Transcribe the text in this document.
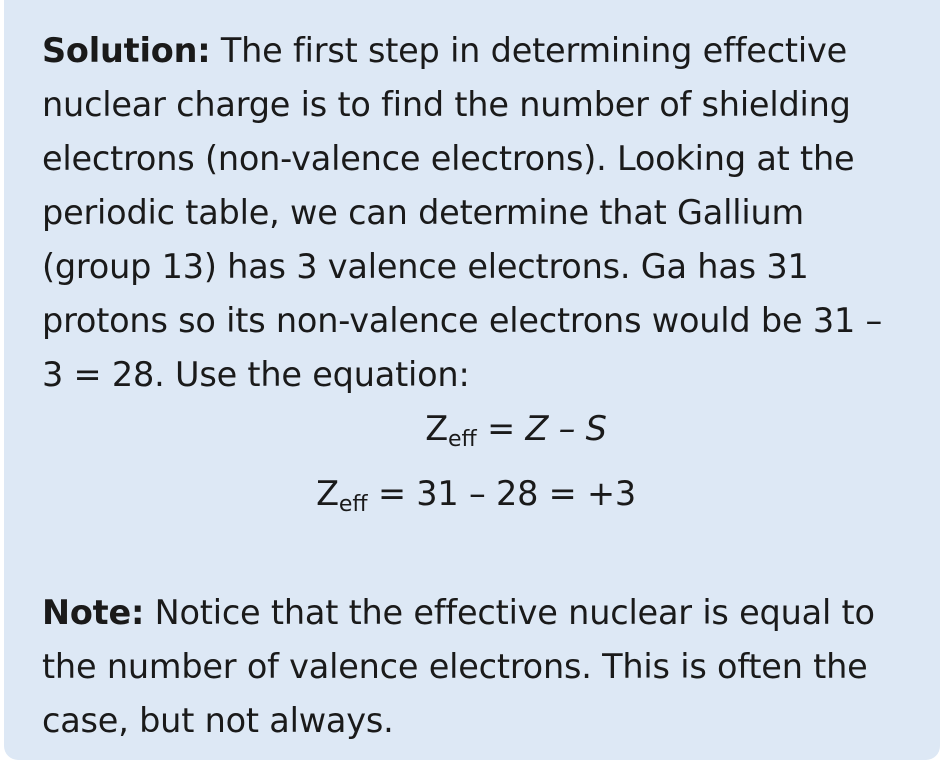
Solution: The first step in determining effective nuclear charge is to find the number of shielding electrons (non-valence electrons). Looking at the periodic table, we can determine that Gallium (group 13) has 3 valence electrons. Ga has 31 protons so its non-valence electrons would be 31 – 3 = 28. Use the equation:

$Z_{eff} = Z - S$

$Z_{eff} = 31 - 28 = +3$

Note: Notice that the effective nuclear is equal to the number of valence electrons. This is often the case, but not always.
